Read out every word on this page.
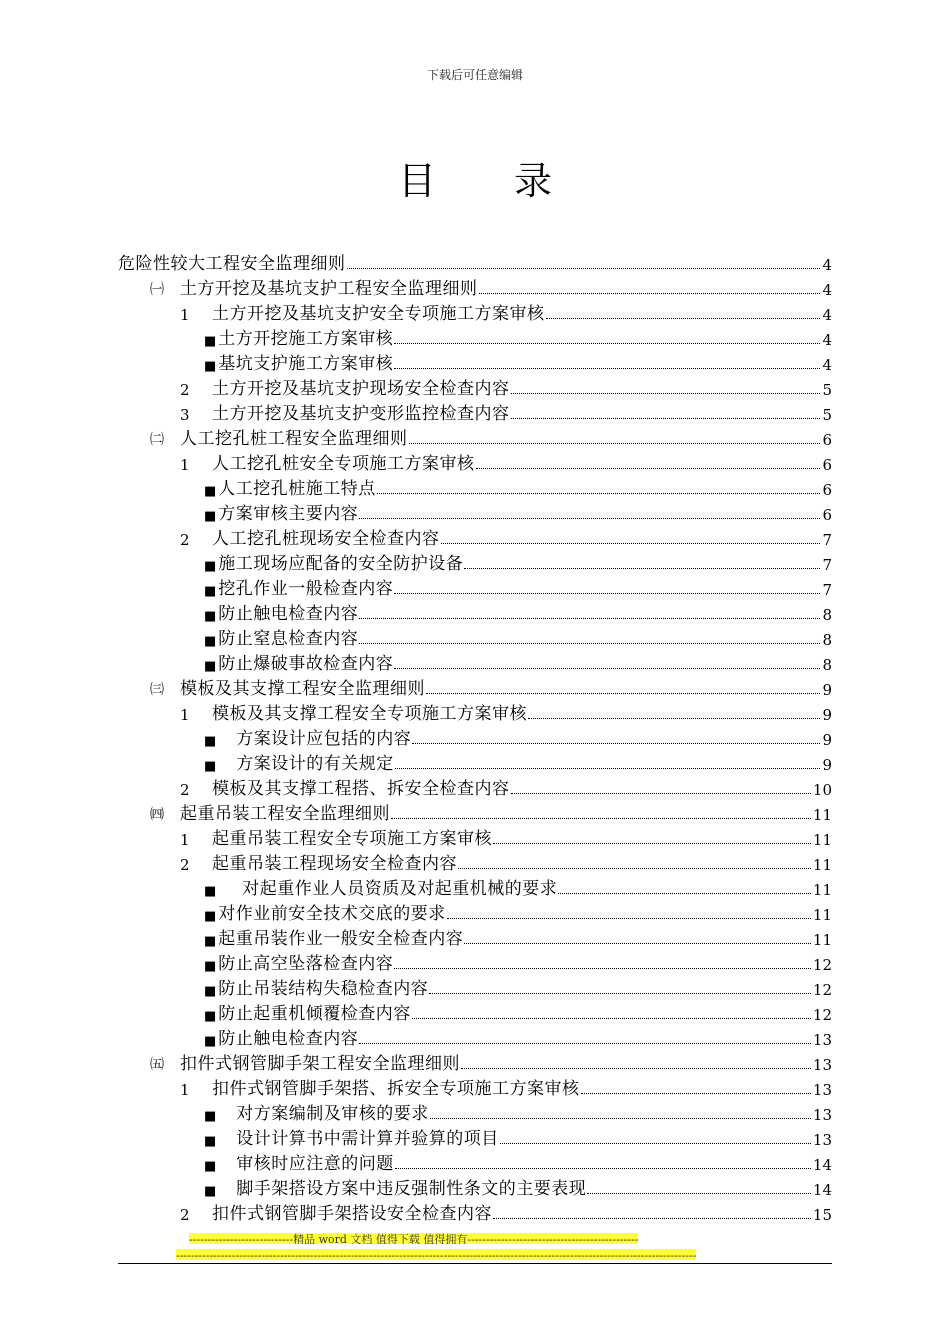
下载后可任意编辑
目录
危险性较大工程安全监理细则	4
㈠ 土方开挖及基坑支护工程安全监理细则	4
1	土方开挖及基坑支护安全专项施工方案审核	4
■ 土方开挖施工方案审核	4
■ 基坑支护施工方案审核	4
2	土方开挖及基坑支护现场安全检查内容	5
3	土方开挖及基坑支护变形监控检查内容	5
㈡ 人工挖孔桩工程安全监理细则	6
1	人工挖孔桩安全专项施工方案审核	6
■ 人工挖孔桩施工特点	6
■ 方案审核主要内容	6
2	人工挖孔桩现场安全检查内容	7
■ 施工现场应配备的安全防护设备	7
■ 挖孔作业一般检查内容	7
■ 防止触电检查内容	8
■ 防止窒息检查内容	8
■ 防止爆破事故检查内容	8
㈢ 模板及其支撑工程安全监理细则	9
1	模板及其支撑工程安全专项施工方案审核	9
■ 方案设计应包括的内容	9
■ 方案设计的有关规定	9
2	模板及其支撑工程搭、拆安全检查内容	10
㈣ 起重吊装工程安全监理细则	11
1	起重吊装工程安全专项施工方案审核	11
2	起重吊装工程现场安全检查内容	11
■ 对起重作业人员资质及对起重机械的要求	11
■ 对作业前安全技术交底的要求	11
■ 起重吊装作业一般安全检查内容	11
■ 防止高空坠落检查内容	12
■ 防止吊装结构失稳检查内容	12
■ 防止起重机倾覆检查内容	12
■ 防止触电检查内容	13
㈤ 扣件式钢管脚手架工程安全监理细则	13
1	扣件式钢管脚手架搭、拆安全专项施工方案审核	13
■ 对方案编制及审核的要求	13
■ 设计计算书中需计算并验算的项目	13
■ 审核时应注意的问题	14
■ 脚手架搭设方案中违反强制性条文的主要表现	14
2	扣件式钢管脚手架搭设安全检查内容	15
----------------------------精品 word 文档 值得下载 值得拥有----------------------------------------------
--------------------------------------------------------------------------------------------------------------------------------------------
